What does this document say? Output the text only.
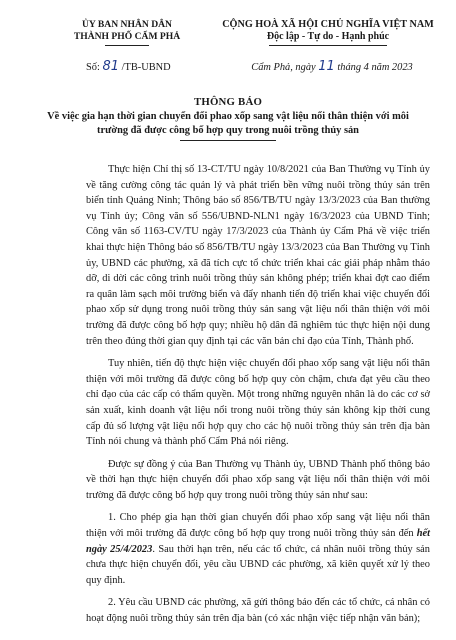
ỦY BAN NHÂN DÂN
THÀNH PHỐ CẨM PHẢ
CỘNG HOÀ XÃ HỘI CHỦ NGHĨA VIỆT NAM
Độc lập - Tự do - Hạnh phúc
Số: 81 /TB-UBND	Cẩm Phả, ngày 11 tháng 4 năm 2023
THÔNG BÁO
Về việc gia hạn thời gian chuyển đổi phao xốp sang vật liệu nổi thân thiện với môi trường đã được công bố hợp quy trong nuôi trồng thủy sản

Thực hiện Chỉ thị số 13-CT/TU ngày 10/8/2021 của Ban Thường vụ Tỉnh ủy về tăng cường công tác quản lý và phát triển bền vững nuôi trồng thủy sản trên biển tỉnh Quảng Ninh; Thông báo số 856/TB/TU ngày 13/3/2023 của Ban thường vụ Tỉnh ủy; Công văn số 556/UBND-NLN1 ngày 16/3/2023 của UBND Tỉnh; Công văn số 1163-CV/TU ngày 17/3/2023 của Thành ủy Cẩm Phả về việc triển khai thực hiện Thông báo số 856/TB/TU ngày 13/3/2023 của Ban Thường vụ Tỉnh ủy, UBND các phường, xã đã tích cực tổ chức triển khai các giải pháp nhằm tháo dỡ, di dời các công trình nuôi trồng thủy sản không phép; triển khai đợt cao điểm ra quân làm sạch môi trường biển và đẩy nhanh tiến độ triển khai việc chuyển đổi phao xốp sử dụng trong nuôi trồng thủy sản sang vật liệu nổi thân thiện với môi trường đã được công bố hợp quy; nhiều hộ dân đã nghiêm túc thực hiện nội dung trên theo đúng thời gian quy định tại các văn bản chỉ đạo của Tỉnh, Thành phố.

Tuy nhiên, tiến độ thực hiện việc chuyển đổi phao xốp sang vật liệu nổi thân thiện với môi trường đã được công bố hợp quy còn chậm, chưa đạt yêu cầu theo chỉ đạo của các cấp có thẩm quyền. Một trong những nguyên nhân là do các cơ sở sản xuất, kinh doanh vật liệu nổi trong nuôi trồng thủy sản không kịp thời cung cấp đủ số lượng vật liệu nổi hợp quy cho các hộ nuôi trồng thủy sản trên địa bàn Tỉnh nói chung và thành phố Cẩm Phả nói riêng.

Được sự đồng ý của Ban Thường vụ Thành ủy, UBND Thành phố thông báo về thời hạn thực hiện chuyển đổi phao xốp sang vật liệu nổi thân thiện với môi trường đã được công bố hợp quy trong nuôi trồng thủy sản như sau:

1. Cho phép gia hạn thời gian chuyển đổi phao xốp sang vật liệu nổi thân thiện với môi trường đã được công bố hợp quy trong nuôi trồng thủy sản đến hết ngày 25/4/2023. Sau thời hạn trên, nếu các tổ chức, cá nhân nuôi trồng thủy sản chưa thực hiện chuyển đổi, yêu cầu UBND các phường, xã kiên quyết xử lý theo quy định.

2. Yêu cầu UBND các phường, xã gửi thông báo đến các tổ chức, cá nhân có hoạt động nuôi trồng thủy sản trên địa bàn (có xác nhận việc tiếp nhận văn bản);
